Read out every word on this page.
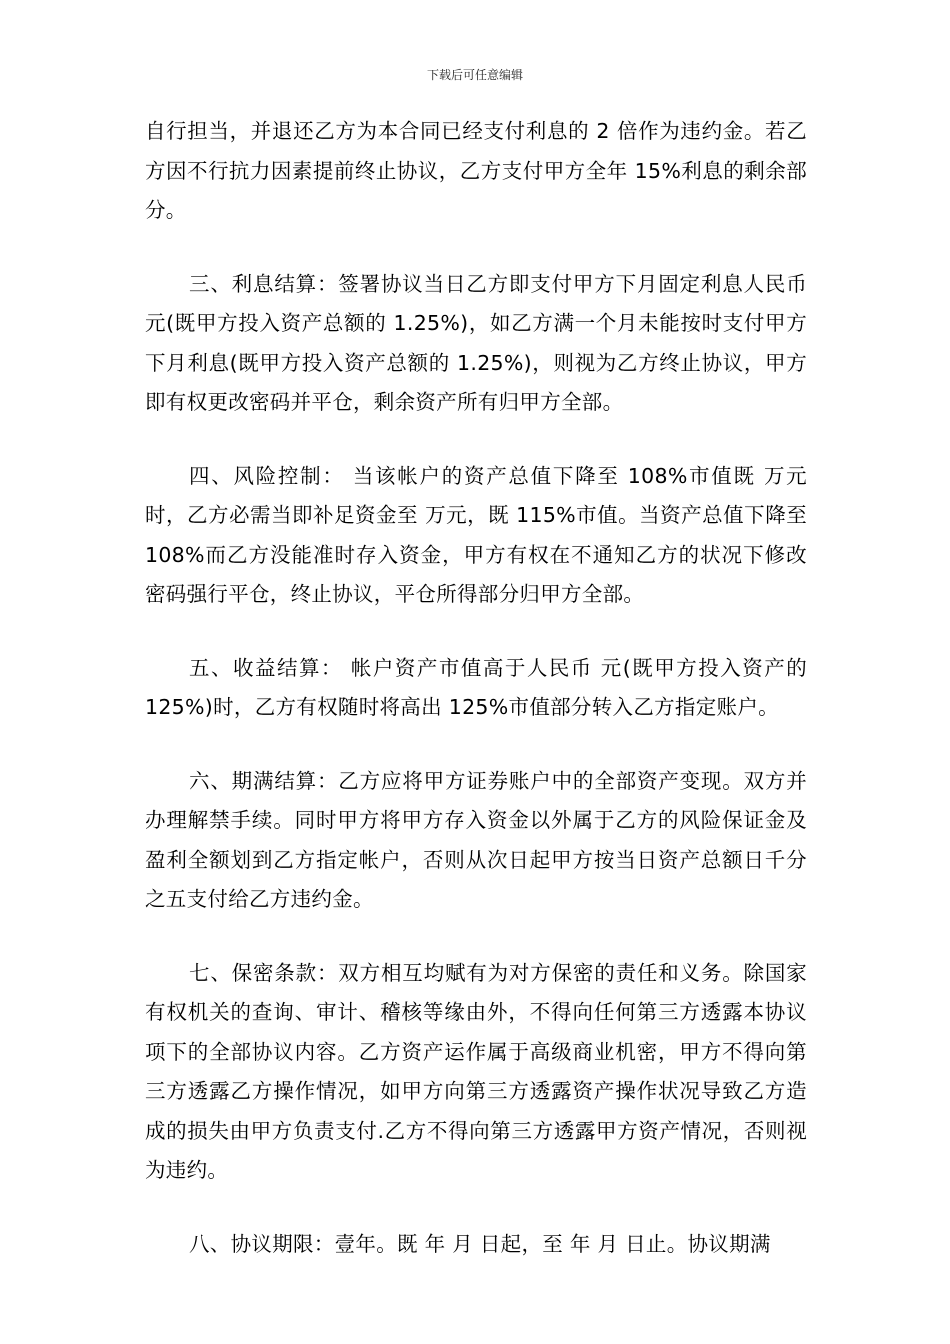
下载后可任意编辑

自行担当，并退还乙方为本合同已经支付利息的 2 倍作为违约金。若乙方因不行抗力因素提前终止协议，乙方支付甲方全年 15%利息的剩余部分。

三、利息结算：签署协议当日乙方即支付甲方下月固定利息人民币 元(既甲方投入资产总额的 1.25%)，如乙方满一个月未能按时支付甲方下月利息(既甲方投入资产总额的 1.25%)，则视为乙方终止协议，甲方即有权更改密码并平仓，剩余资产所有归甲方全部。

四、风险控制： 当该帐户的资产总值下降至 108%市值既 万元时，乙方必需当即补足资金至 万元，既 115%市值。当资产总值下降至 108%而乙方没能准时存入资金，甲方有权在不通知乙方的状况下修改密码强行平仓，终止协议，平仓所得部分归甲方全部。

五、收益结算： 帐户资产市值高于人民币 元(既甲方投入资产的 125%)时，乙方有权随时将高出 125%市值部分转入乙方指定账户。

六、期满结算：乙方应将甲方证券账户中的全部资产变现。双方并办理解禁手续。同时甲方将甲方存入资金以外属于乙方的风险保证金及盈利全额划到乙方指定帐户，否则从次日起甲方按当日资产总额日千分之五支付给乙方违约金。

七、保密条款：双方相互均赋有为对方保密的责任和义务。除国家有权机关的查询、审计、稽核等缘由外，不得向任何第三方透露本协议项下的全部协议内容。乙方资产运作属于高级商业机密，甲方不得向第三方透露乙方操作情况，如甲方向第三方透露资产操作状况导致乙方造成的损失由甲方负责支付.乙方不得向第三方透露甲方资产情况，否则视为违约。

八、协议期限：壹年。既 年 月 日起，至 年 月 日止。协议期满
